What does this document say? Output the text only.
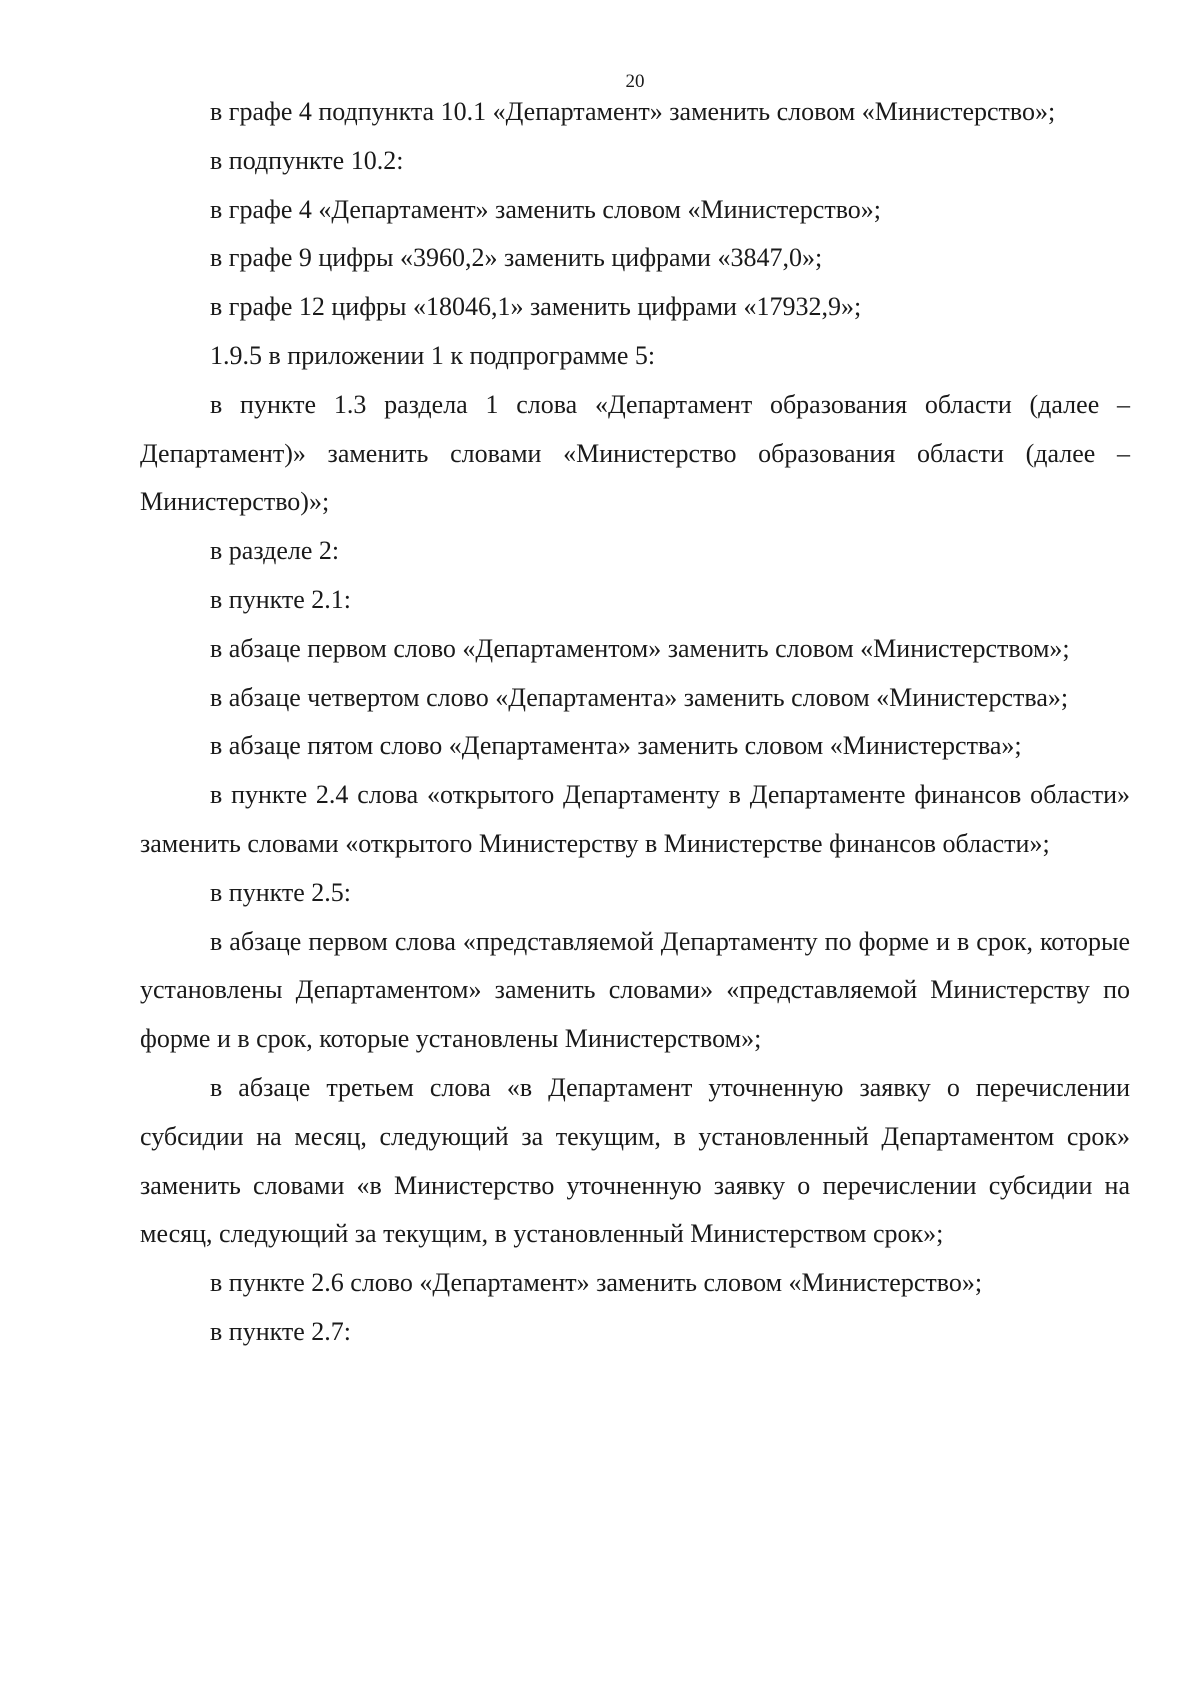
20

в графе 4 подпункта 10.1 «Департамент» заменить словом «Министерство»;

в подпункте 10.2:

в графе 4 «Департамент» заменить словом «Министерство»;

в графе 9 цифры «3960,2» заменить цифрами «3847,0»;

в графе 12 цифры «18046,1» заменить цифрами «17932,9»;

1.9.5 в приложении 1 к подпрограмме 5:

в пункте 1.3 раздела 1 слова «Департамент образования области (далее – Департамент)» заменить словами «Министерство образования области (далее – Министерство)»;

в разделе 2:

в пункте 2.1:

в абзаце первом слово «Департаментом» заменить словом «Министерством»;

в абзаце четвертом слово «Департамента» заменить словом «Министерства»;

в абзаце пятом слово «Департамента» заменить словом «Министерства»;

в пункте 2.4 слова «открытого Департаменту в Департаменте финансов области» заменить словами «открытого Министерству в Министерстве финансов области»;

в пункте 2.5:

в абзаце первом слова «представляемой Департаменту по форме и в срок, которые установлены Департаментом» заменить словами» «представляемой Министерству по форме и в срок, которые установлены Министерством»;

в абзаце третьем слова «в Департамент уточненную заявку о перечислении субсидии на месяц, следующий за текущим, в установленный Департаментом срок» заменить словами «в Министерство уточненную заявку о перечислении субсидии на месяц, следующий за текущим, в установленный Министерством срок»;

в пункте 2.6 слово «Департамент» заменить словом «Министерство»;

в пункте 2.7:
